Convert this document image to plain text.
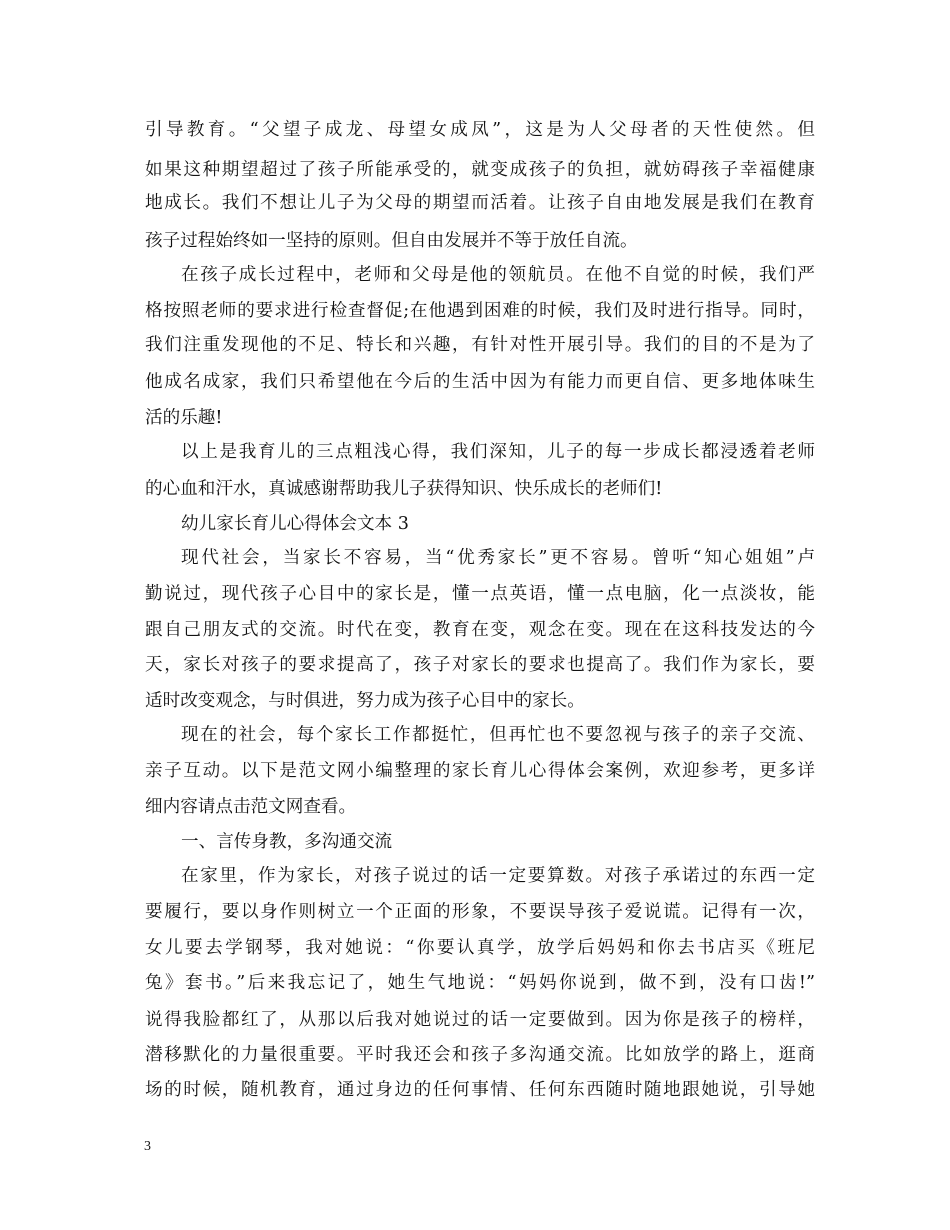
引导教育。“父望子成龙、母望女成凤”，这是为人父母者的天性使然。但
如果这种期望超过了孩子所能承受的，就变成孩子的负担，就妨碍孩子幸福健康
地成长。我们不想让儿子为父母的期望而活着。让孩子自由地发展是我们在教育
孩子过程始终如一坚持的原则。但自由发展并不等于放任自流。
在孩子成长过程中，老师和父母是他的领航员。在他不自觉的时候，我们严
格按照老师的要求进行检查督促;在他遇到困难的时候，我们及时进行指导。同时，
我们注重发现他的不足、特长和兴趣，有针对性开展引导。我们的目的不是为了
他成名成家，我们只希望他在今后的生活中因为有能力而更自信、更多地体味生
活的乐趣!
以上是我育儿的三点粗浅心得，我们深知，儿子的每一步成长都浸透着老师
的心血和汗水，真诚感谢帮助我儿子获得知识、快乐成长的老师们!
幼儿家长育儿心得体会文本 3
现代社会，当家长不容易，当“优秀家长”更不容易。曾听“知心姐姐”卢
勤说过，现代孩子心目中的家长是，懂一点英语，懂一点电脑，化一点淡妆，能
跟自己朋友式的交流。时代在变，教育在变，观念在变。现在在这科技发达的今
天，家长对孩子的要求提高了，孩子对家长的要求也提高了。我们作为家长，要
适时改变观念，与时俱进，努力成为孩子心目中的家长。
现在的社会，每个家长工作都挺忙，但再忙也不要忽视与孩子的亲子交流、
亲子互动。以下是范文网小编整理的家长育儿心得体会案例，欢迎参考，更多详
细内容请点击范文网查看。
一、言传身教，多沟通交流
在家里，作为家长，对孩子说过的话一定要算数。对孩子承诺过的东西一定
要履行，要以身作则树立一个正面的形象，不要误导孩子爱说谎。记得有一次，
女儿要去学钢琴，我对她说：“你要认真学，放学后妈妈和你去书店买《班尼
兔》套书。”后来我忘记了，她生气地说：“妈妈你说到，做不到，没有口齿!”
说得我脸都红了，从那以后我对她说过的话一定要做到。因为你是孩子的榜样，
潜移默化的力量很重要。平时我还会和孩子多沟通交流。比如放学的路上，逛商
场的时候，随机教育，通过身边的任何事情、任何东西随时随地跟她说，引导她
3
